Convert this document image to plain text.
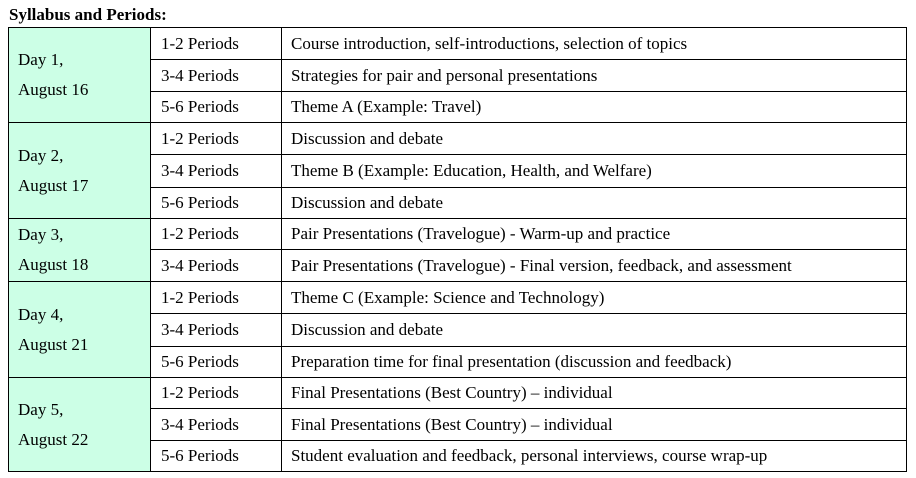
Syllabus and Periods:
Day 1,
August 16	1-2 Periods	Course introduction, self-introductions, selection of topics
	3-4 Periods	Strategies for pair and personal presentations
	5-6 Periods	Theme A (Example: Travel)

Day 2,
August 17	1-2 Periods	Discussion and debate
	3-4 Periods	Theme B (Example: Education, Health, and Welfare)
	5-6 Periods	Discussion and debate

Day 3,
August 18	1-2 Periods	Pair Presentations (Travelogue) - Warm-up and practice
	3-4 Periods	Pair Presentations (Travelogue) - Final version, feedback, and assessment

Day 4,
August 21	1-2 Periods	Theme C (Example: Science and Technology)
	3-4 Periods	Discussion and debate
	5-6 Periods	Preparation time for final presentation (discussion and feedback)

Day 5,
August 22	1-2 Periods	Final Presentations (Best Country) – individual
	3-4 Periods	Final Presentations (Best Country) – individual
	5-6 Periods	Student evaluation and feedback, personal interviews, course wrap-up
